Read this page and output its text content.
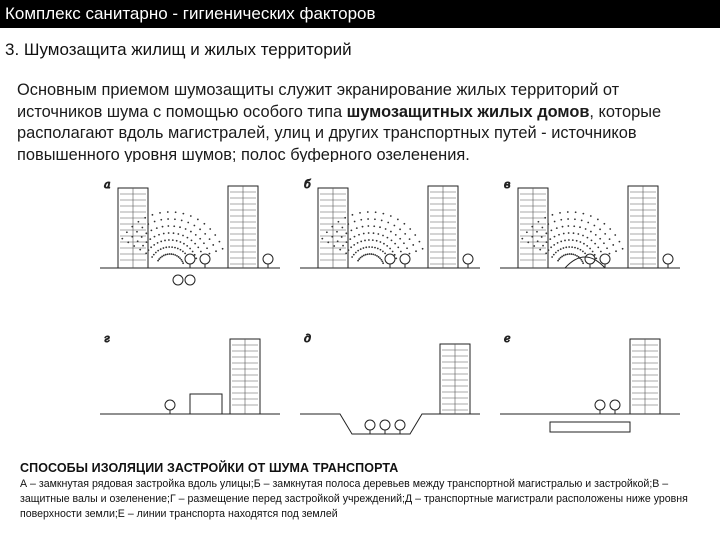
Комплекс санитарно - гигиенических факторов
3. Шумозащита жилищ и жилых территорий
Основным приемом шумозащиты служит экранирование жилых территорий от источников шума с помощью особого типа шумозащитных жилых домов, которые располагают вдоль магистралей, улиц и других транспортных путей - источников повышенного уровня шумов; полос буферного озеленения.
а	б	в
г	д	е
СПОСОБЫ ИЗОЛЯЦИИ ЗАСТРОЙКИ ОТ ШУМА ТРАНСПОРТА
А – замкнутая рядовая застройка вдоль улицы;Б – замкнутая полоса деревьев между транспортной магистралью и застройкой;В – защитные валы и озеленение;Г – размещение перед застройкой учреждений;Д – транспортные магистрали расположены ниже уровня поверхности земли;Е – линии транспорта находятся под землей
